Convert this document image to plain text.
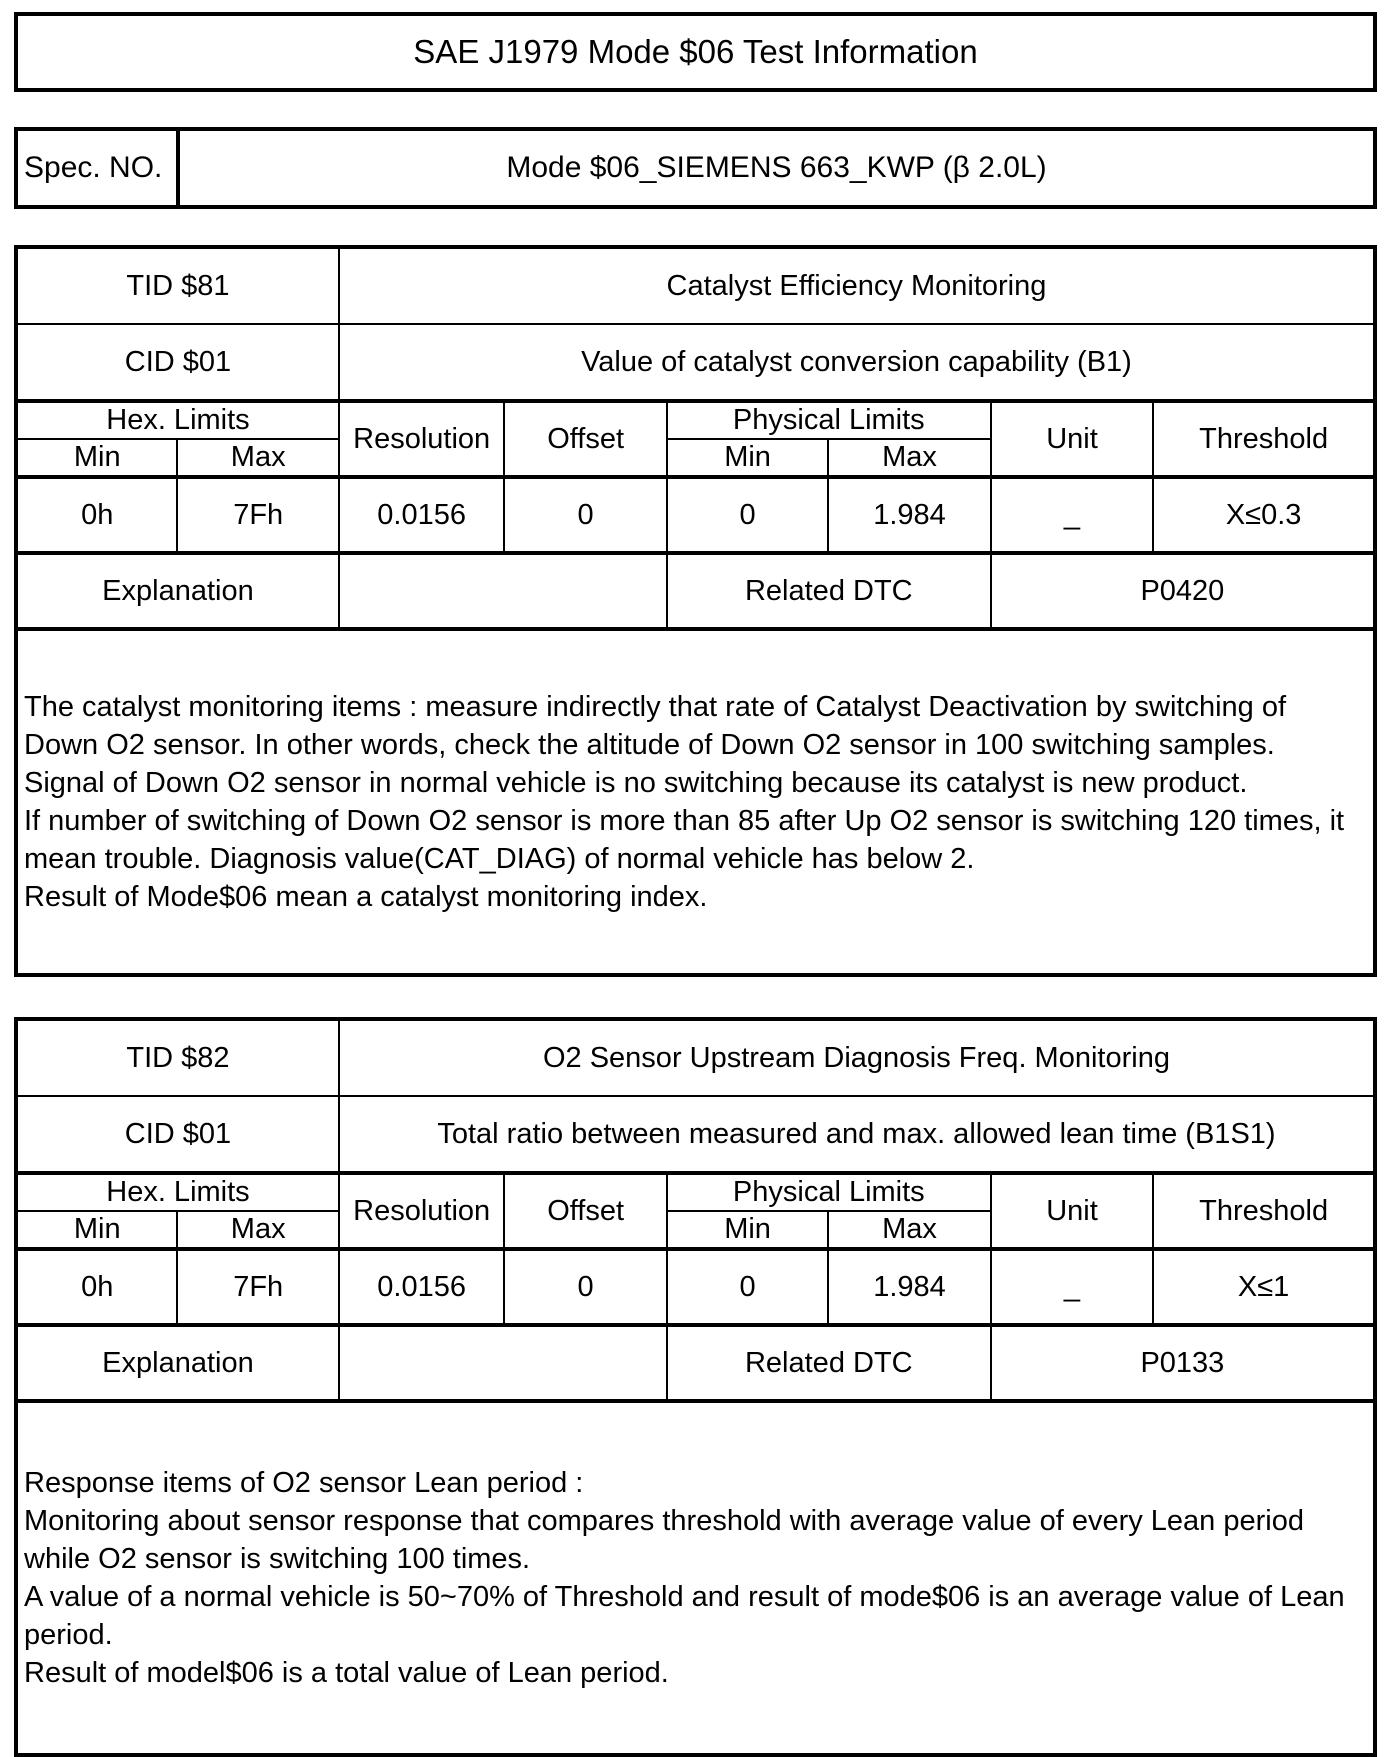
SAE J1979 Mode $06 Test Information
Spec. NO.	Mode $06_SIEMENS 663_KWP (β 2.0L)
TID $81		Catalyst Efficiency Monitoring					
CID $01		Value of catalyst conversion capability (B1)					
Hex. Limits		Resolution	Offset	Physical Limits		Unit	Threshold
Min	Max			Min	Max		
0h	7Fh	0.0156	0	0	1.984	_	X≤0.3
Explanation				Related DTC		P0420	

The catalyst monitoring items : measure indirectly that rate of Catalyst Deactivation by switching of Down O2 sensor. In other words, check the altitude of Down O2 sensor in 100 switching samples.

Signal of Down O2 sensor in normal vehicle is no switching because its catalyst is new product.

If number of switching of Down O2 sensor is more than 85 after Up O2 sensor is switching 120 times, it mean trouble. Diagnosis value(CAT_DIAG) of normal vehicle has below 2.

Result of Mode$06 mean a catalyst monitoring index.							

TID $82		O2 Sensor Upstream Diagnosis Freq. Monitoring					
CID $01		Total ratio between measured and max. allowed lean time (B1S1)					
Hex. Limits		Resolution	Offset	Physical Limits		Unit	Threshold
Min	Max			Min	Max		
0h	7Fh	0.0156	0	0	1.984	_	X≤1
Explanation				Related DTC		P0133	

Response items of O2 sensor Lean period :

Monitoring about sensor response that compares threshold with average value of every Lean period while O2 sensor is switching 100 times.

A value of a normal vehicle is 50~70% of Threshold and result of mode$06 is an average value of Lean period.

Result of model$06 is a total value of Lean period.							
